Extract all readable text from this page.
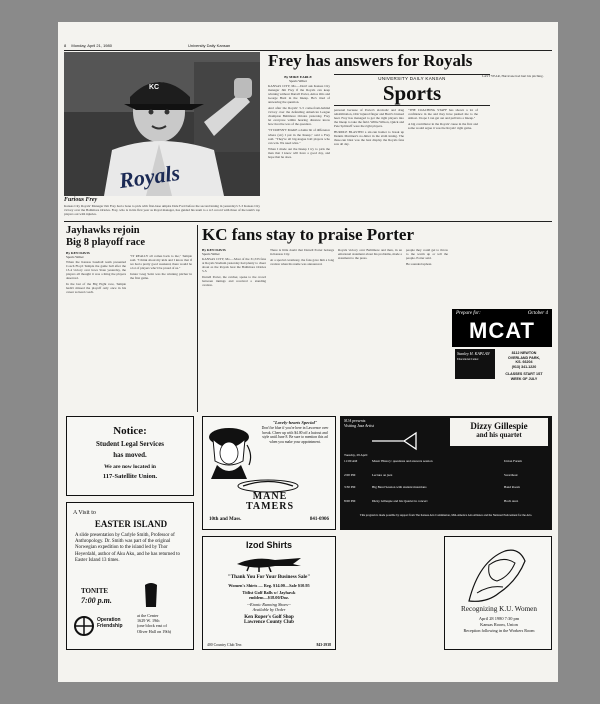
8 Monday, April 21, 1980	University Daily Kansan
KC
Royals
Furious Frey
Kansas City Royals' Manager Jim Frey had a bone to pick with first-base umpire Dale Ford before the second inning in yesterday's 5-3 Kansas City victory over the Baltimore Orioles. Frey, who is in his first year as Royal manager, has guided his team to a 4-5 record with three of the team's top players out with injuries.
Frey has answers for Royals
By MIKE EARLE
Sports Writer	UNIVERSITY DAILY KANSAN
Sports

KANSAS CITY, Mo.—Don't ask Kansas City manager Jim Frey if the Royals can keep winning without Darrell Porter, Amos Otis and George Brett in the lineup. He's tired of answering the question.

And after the Royals' 5-3 come-from-behind victory over the defending American League champion Baltimore Orioles yesterday, Frey let everyone within hearing distance know how tired he was of the question.

"IT DOESN'T MAKE a damn bit of difference where (sic) I put in the lineup," said a Frey said. "They're all big-league ball players who can win. We need wins."

When I made out the lineup I try to pick the man that I know will have a good day, and hope that he does.

personal because of Porter's alcoholic and drug rehabilitation, Otis' injured finger and Brett's bruised heel. Frey has managed to get the right players into the lineup to take the field. Willie Wilson, Quick and Pete Splittorff were the right players.

HURDLE BLASTED a six-run homer to break up Dennis Martinez's no-hitter in the sixth inning. The three-run blast was the best display the Royals fans saw all day.

"THE COACHING STAFF has shown a lot of confidence in me and they have pushed me to the utmost. I hope I can get out and pull into a lineup."

A big contributor in the Royals' cause in the first and some would argue it was the Royals' right game.

LAST YEAR, Hurricane had hurt his pitching.

Jayhawks rejoin
Big 8 playoff race
By KEN DAVIS
Sports Writer

When the Kansas baseball team presented Coach Floyd Temple the game ball after the 13-4 victory over Iowa State yesterday, the players all thought it was a thing the players deserved.

In the last of the Big Eight race, Temple hadn't missed the playoff only once in his career as head coach.

"IT REALLY all comes back to me," Temple said. "I think about my kids and I know that if we had a pretty good weekend, there would be a lot of players who'd be proud of us."

Junior Greg Seitz was the winning pitcher in the first game.

KC fans stay to praise Porter
By KEN DAVIS
Sports Writer

KANSAS CITY, Mo.—Most of the 31,533 fans at Royals Stadium yesterday had plenty to cheer about as the Royals beat the Baltimore Orioles 5-3.

Darrell Porter, the catcher, spoke to the crowd between innings and received a standing ovation.

There is little doubt that Darrell Porter belongs in Kansas City.

At a special ceremony, the fans gave him a long ovation when his name was announced.

Royals victory over Baltimore and then, in an emotional statement about his problems, made a statement to the press.

people they could get to throw to me warm up or tell the people. Porter said.

He sounded upbeat.

Prepare for:	October 4
MCAT
Stanley H. KAPLAN
Educational Center
8112 NEWTON
OVERLAND PARK,
KS. 66204
(913) 341-1220
CLASSES START 1ST
WEEK OF JULY
Notice:
Student Legal Services
has moved.
We are now located in
117-Satellite Union.
"Lovely-hearts Special"
Don't be blue if you're here in Lawrence over break. Cheer up with $4.00 off a haircut and style until June 8. Be sure to mention this ad when you make your appointment.
MANE
TAMERS
10th and Mass.	841-0906
SUA presents
Visiting Jazz Artist	Dizzy Gillespie
and his quartet
Tuesday, 29 April
11:00 AM	Music History: questions and answers session	Union Forum
2:00 PM	Lecture on jazz	Swarthout
3:30 PM	Big Band Session with student musicians	Band Room
8:00 PM	Dizzy Gillespie and his Quartet in concert	Hoch Aud.
This program is made possible by support from The Kansas Arts Commission, Mid-America Arts Alliance and the National Endowment for the Arts.
A Visit to
EASTER ISLAND
A slide presentation by Carlyle Smith, Professor of Anthropology. Dr. Smith was part of the original Norwegian expedition to the island led by Thor Heyerdahl, author of Aku Aku, and he has returned to Easter Island 13 times.
TONITE
7:00 p.m.
at the Center
1629 W. 19th
(one block east of
Oliver Hall on 19th)
Operation
Friendship
Izod Shirts
"Thank You For Your Business Sale"
Women's Shirts — Reg. $14.00—Sale $10.95
Titlist Golf Balls w/ Jayhawk
emblem—$18.00/Doz.
--Etonic Running Shoes--
Available by Order
Ken Roper's Golf Shop
Lawrence County Club
400 Country Club Terr.	843-2938
Recognizing K.U. Women
April 28 1980 7:30 pm
Kansas Room, Union
Reception following in the Workers Room
